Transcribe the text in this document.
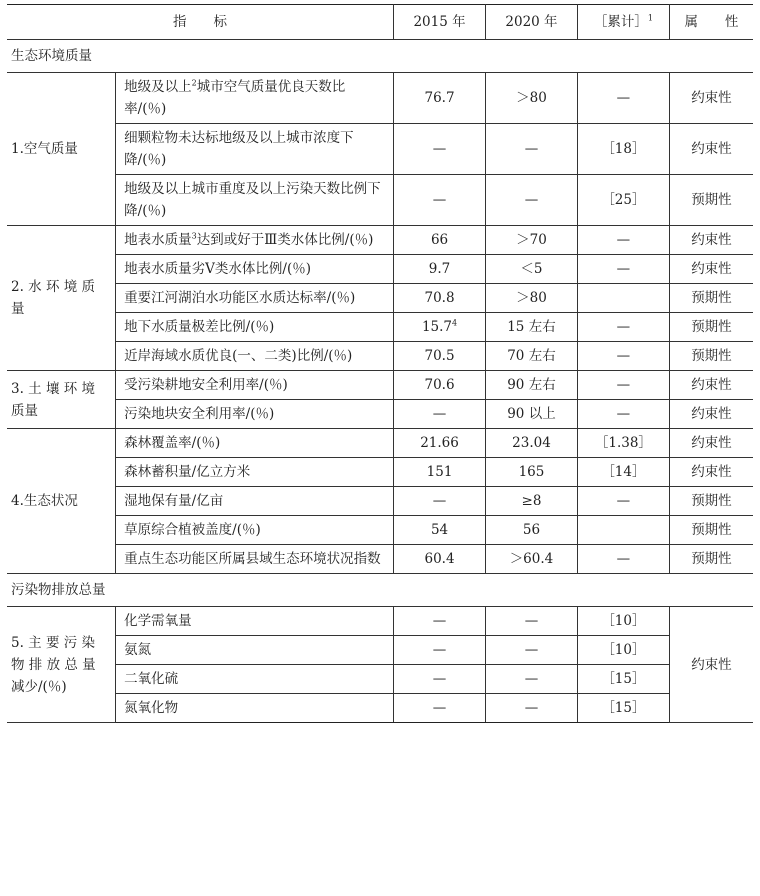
指　　标		2015 年	2020 年	［累计］$^1$	属　　性
生态环境质量					
1.空气质量	地级及以上$^2$城市空气质量优良天数比率/(％)	76.7	＞80	—	约束性
	细颗粒物未达标地级及以上城市浓度下降/(％)	—	—	［18］	约束性
	地级及以上城市重度及以上污染天数比例下降/(％)	—	—	［25］	预期性
2. 水 环 境 质量	地表水质量$^3$达到或好于Ⅲ类水体比例/(％)	66	＞70	—	约束性
	地表水质量劣Ⅴ类水体比例/(％)	9.7	＜5	—	约束性
	重要江河湖泊水功能区水质达标率/(％)	70.8	＞80		预期性
	地下水质量极差比例/(％)	15.7$^4$	15 左右	—	预期性
	近岸海域水质优良(一、二类)比例/(％)	70.5	70 左右	—	预期性
3. 土 壤 环 境 质量	受污染耕地安全利用率/(％)	70.6	90 左右	—	约束性
	污染地块安全利用率/(％)	—	90 以上	—	约束性
4.生态状况	森林覆盖率/(％)	21.66	23.04	［1.38］	约束性
	森林蓄积量/亿立方米	151	165	［14］	约束性
	湿地保有量/亿亩	—	≥8	—	预期性
	草原综合植被盖度/(％)	54	56		预期性
	重点生态功能区所属县域生态环境状况指数	60.4	＞60.4	—	预期性
污染物排放总量					
5. 主 要 污 染 物 排 放 总 量 减少/(％)	化学需氧量	—	—	［10］	约束性
	氨氮	—	—	［10］	
	二氧化硫	—	—	［15］	
	氮氧化物	—	—	［15］	
